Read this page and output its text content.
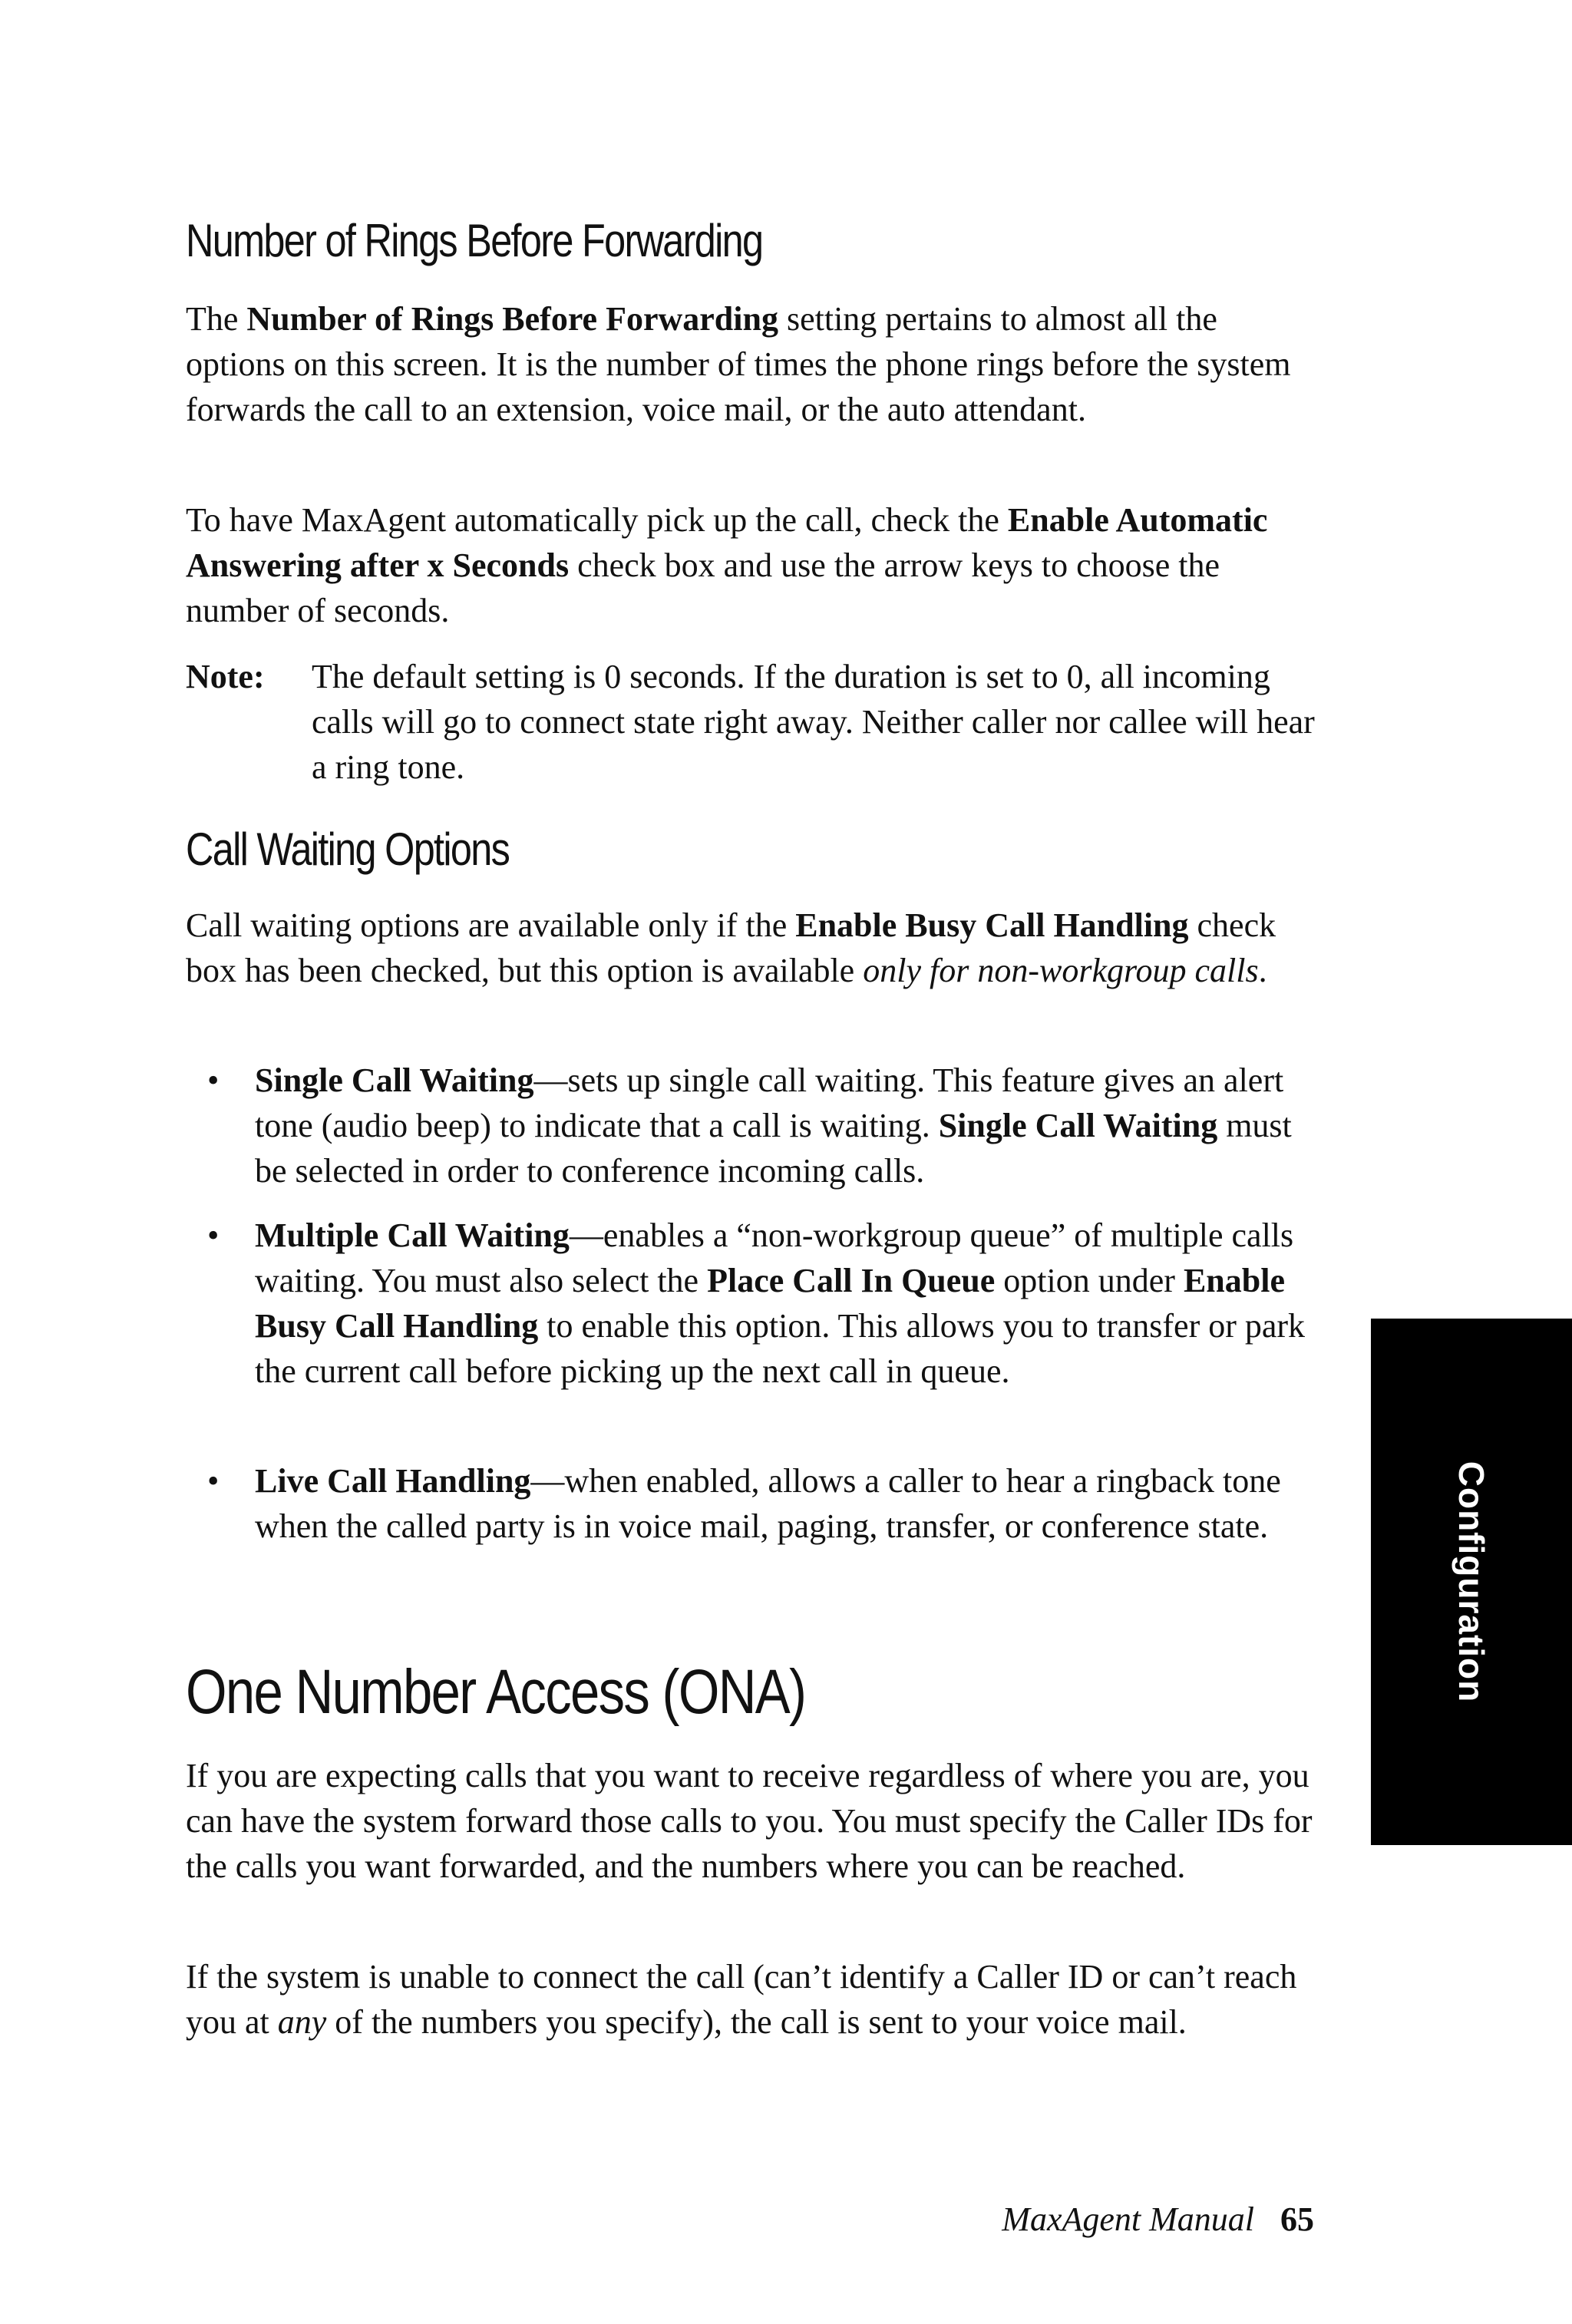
Number of Rings Before Forwarding

The Number of Rings Before Forwarding setting pertains to almost all the options on this screen. It is the number of times the phone rings before the system forwards the call to an extension, voice mail, or the auto attendant.

To have MaxAgent automatically pick up the call, check the Enable Automatic Answering after x Seconds check box and use the arrow keys to choose the number of seconds.

Note: The default setting is 0 seconds. If the duration is set to 0, all incoming calls will go to connect state right away. Neither caller nor callee will hear a ring tone.
Call Waiting Options

Call waiting options are available only if the Enable Busy Call Handling check box has been checked, but this option is available only for non-workgroup calls.

• Single Call Waiting—sets up single call waiting. This feature gives an alert tone (audio beep) to indicate that a call is waiting. Single Call Waiting must be selected in order to conference incoming calls.
• Multiple Call Waiting—enables a “non-workgroup queue” of multiple calls waiting. You must also select the Place Call In Queue option under Enable Busy Call Handling to enable this option. This allows you to transfer or park the current call before picking up the next call in queue.
• Live Call Handling—when enabled, allows a caller to hear a ringback tone when the called party is in voice mail, paging, transfer, or conference state.
One Number Access (ONA)

If you are expecting calls that you want to receive regardless of where you are, you can have the system forward those calls to you. You must specify the Caller IDs for the calls you want forwarded, and the numbers where you can be reached.

If the system is unable to connect the call (can’t identify a Caller ID or can’t reach you at any of the numbers you specify), the call is sent to your voice mail.

Configuration
MaxAgent Manual 65
